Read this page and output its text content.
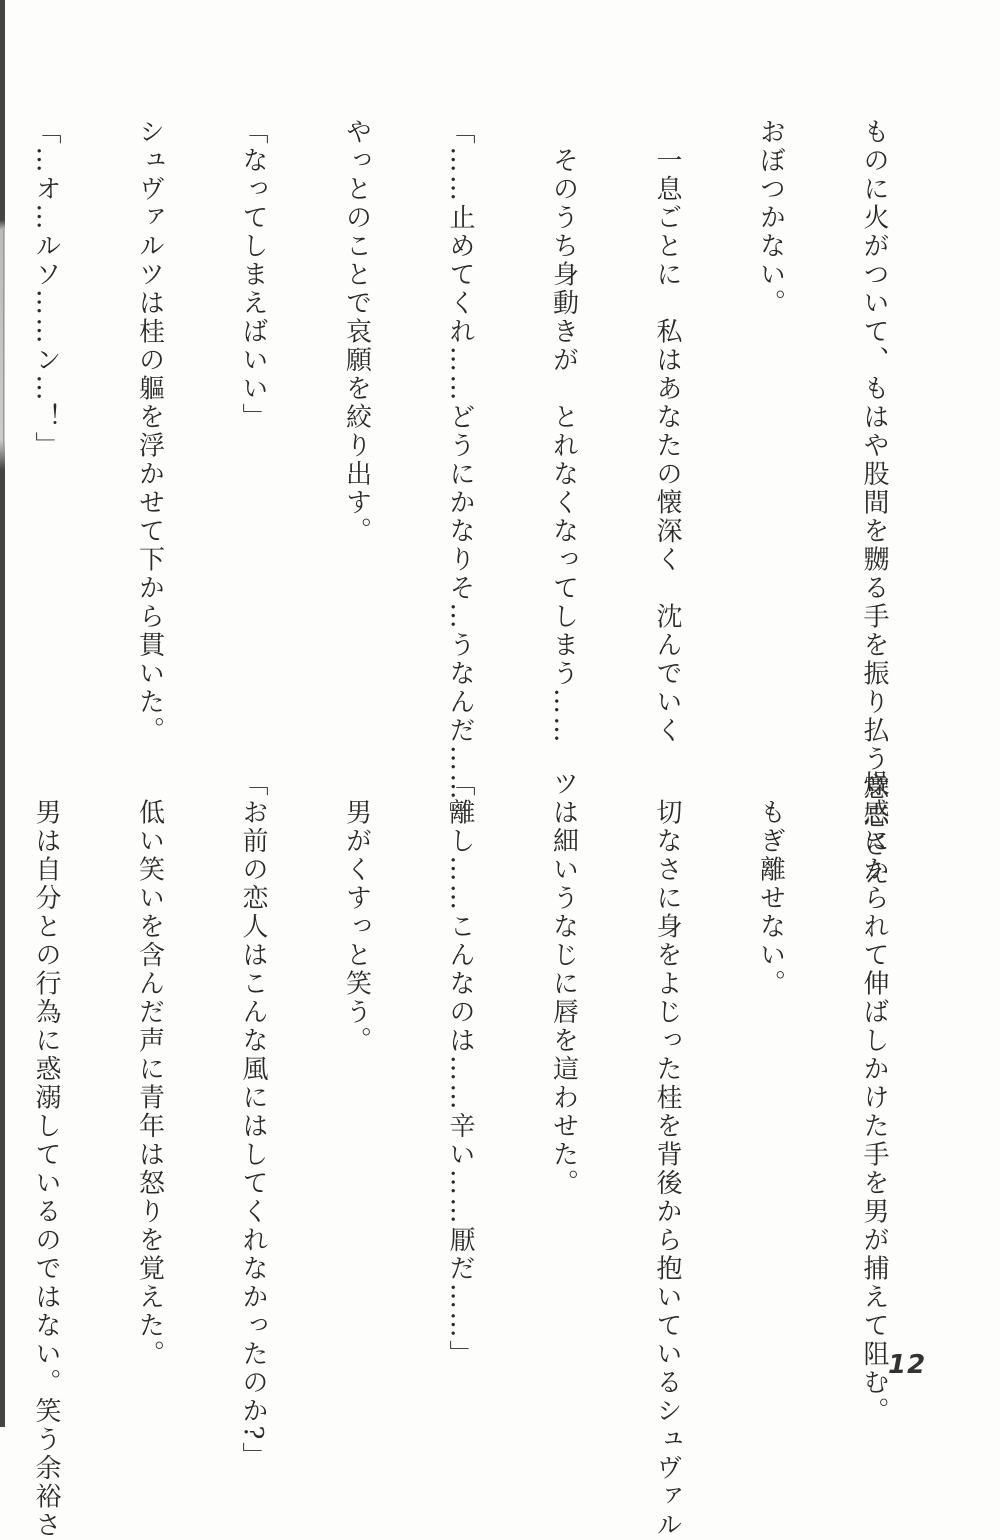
ものに火がついて、もはや股間を嬲る手を振り払う意志さえ

おぼつかない。

　一息ごとに　私はあなたの懐深く　沈んでいく

　そのうち身動きが　とれなくなってしまう……

「……止めてくれ……どうにかなりそ…うなんだ……」

やっとのことで哀願を絞り出す。

「なってしまえばいい」

シュヴァルツは桂の軀を浮かせて下から貫いた。

「…オ…ルソ……ン…！」

燥感にかられて伸ばしかけた手を男が捕えて阻む。

　もぎ離せない。

　切なさに身をよじった桂を背後から抱いているシュヴァル

ツは細いうなじに唇を這わせた。

「離し……こんなのは……辛い……厭だ……」

　男がくすっと笑う。

「お前の恋人はこんな風にはしてくれなかったのか?」

　低い笑いを含んだ声に青年は怒りを覚えた。

　男は自分との行為に惑溺しているのではない。笑う余裕さ

	12
